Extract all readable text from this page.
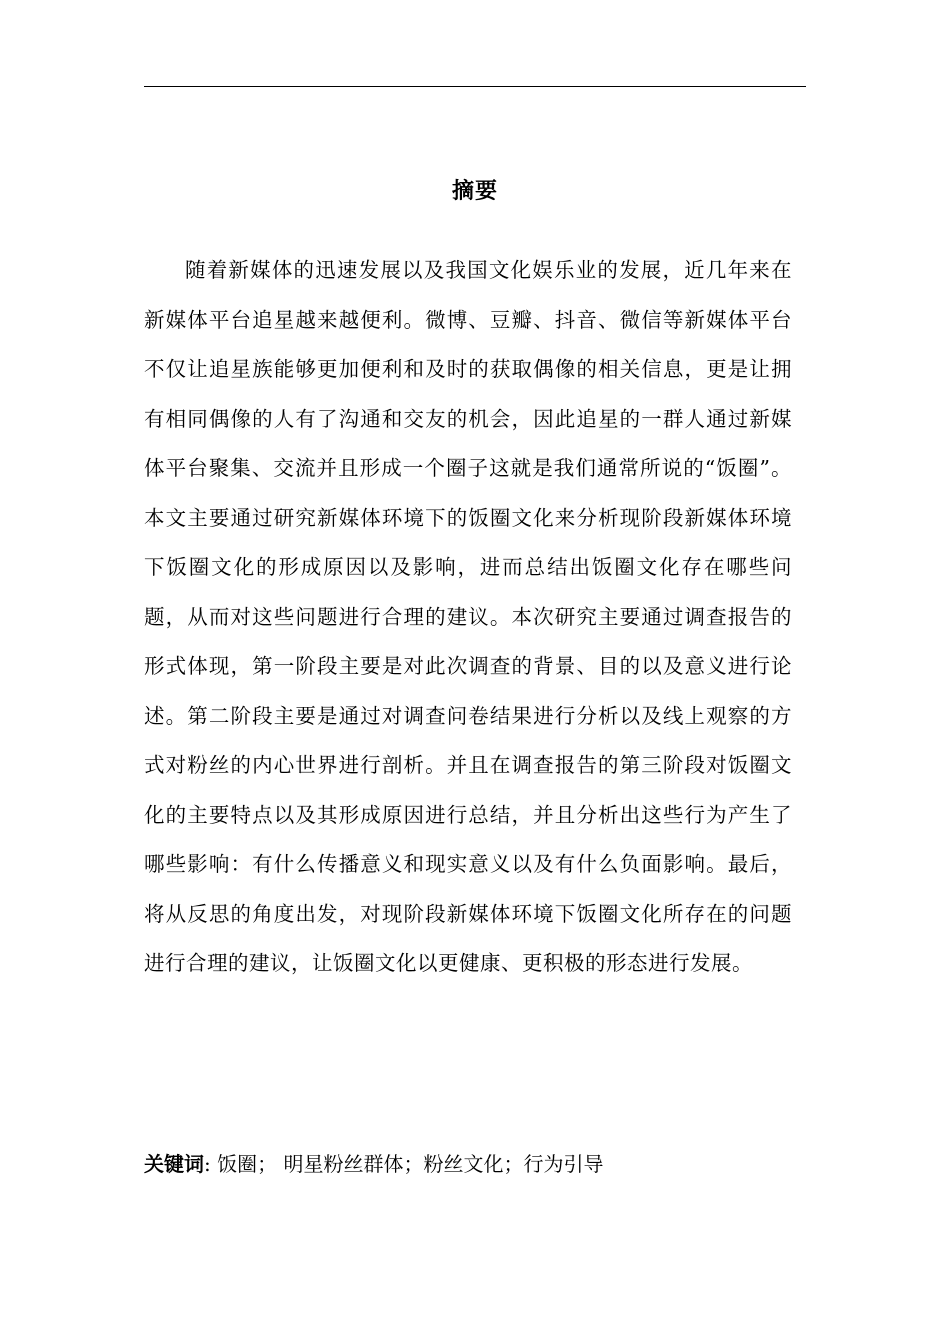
摘要

随着新媒体的迅速发展以及我国文化娱乐业的发展，近几年来在新媒体平台追星越来越便利。微博、豆瓣、抖音、微信等新媒体平台不仅让追星族能够更加便利和及时的获取偶像的相关信息，更是让拥有相同偶像的人有了沟通和交友的机会，因此追星的一群人通过新媒体平台聚集、交流并且形成一个圈子这就是我们通常所说的“饭圈”。本文主要通过研究新媒体环境下的饭圈文化来分析现阶段新媒体环境下饭圈文化的形成原因以及影响，进而总结出饭圈文化存在哪些问题，从而对这些问题进行合理的建议。本次研究主要通过调查报告的形式体现，第一阶段主要是对此次调查的背景、目的以及意义进行论述。第二阶段主要是通过对调查问卷结果进行分析以及线上观察的方式对粉丝的内心世界进行剖析。并且在调查报告的第三阶段对饭圈文化的主要特点以及其形成原因进行总结，并且分析出这些行为产生了哪些影响：有什么传播意义和现实意义以及有什么负面影响。最后，将从反思的角度出发，对现阶段新媒体环境下饭圈文化所存在的问题进行合理的建议，让饭圈文化以更健康、更积极的形态进行发展。

关键词: 饭圈； 明星粉丝群体；粉丝文化；行为引导
